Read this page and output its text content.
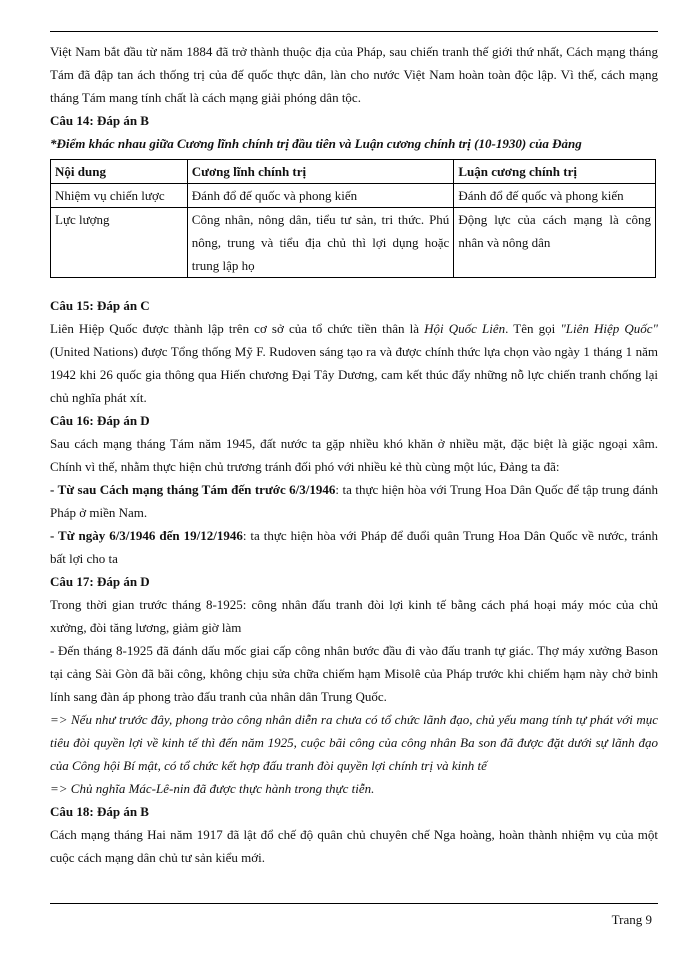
Việt Nam bắt đầu từ năm 1884 đã trở thành thuộc địa của Pháp, sau chiến tranh thế giới thứ nhất, Cách mạng tháng Tám đã đập tan ách thống trị của đế quốc thực dân, làn cho nước Việt Nam hoàn toàn độc lập. Vì thế, cách mạng tháng Tám mang tính chất là cách mạng giải phóng dân tộc.

Câu 14: Đáp án B

*Điểm khác nhau giữa Cương lĩnh chính trị đầu tiên và Luận cương chính trị (10-1930) của Đảng

Nội dung	Cương lĩnh chính trị	Luận cương chính trị
Nhiệm vụ chiến lược	Đánh đổ đế quốc và phong kiến	Đánh đổ đế quốc và phong kiến
Lực lượng	Công nhân, nông dân, tiểu tư sản, tri thức. Phú nông, trung và tiểu địa chủ thì lợi dụng hoặc trung lập họ	Động lực của cách mạng là công nhân và nông dân

Câu 15: Đáp án C

Liên Hiệp Quốc được thành lập trên cơ sở của tổ chức tiền thân là Hội Quốc Liên. Tên gọi "Liên Hiệp Quốc" (United Nations) được Tổng thống Mỹ F. Rudoven sáng tạo ra và được chính thức lựa chọn vào ngày 1 tháng 1 năm 1942 khi 26 quốc gia thông qua Hiến chương Đại Tây Dương, cam kết thúc đẩy những nỗ lực chiến tranh chống lại chủ nghĩa phát xít.

Câu 16: Đáp án D

Sau cách mạng tháng Tám năm 1945, đất nước ta gặp nhiều khó khăn ở nhiều mặt, đặc biệt là giặc ngoại xâm. Chính vì thế, nhằm thực hiện chủ trương tránh đối phó với nhiều kẻ thù cùng một lúc, Đảng ta đã:

- Từ sau Cách mạng tháng Tám đến trước 6/3/1946: ta thực hiện hòa với Trung Hoa Dân Quốc để tập trung đánh Pháp ở miền Nam.

- Từ ngày 6/3/1946 đến 19/12/1946: ta thực hiện hòa với Pháp để đuổi quân Trung Hoa Dân Quốc về nước, tránh bất lợi cho ta

Câu 17: Đáp án D

Trong thời gian trước tháng 8-1925: công nhân đấu tranh đòi lợi kinh tế bằng cách phá hoại máy móc của chủ xưởng, đòi tăng lương, giảm giờ làm

- Đến tháng 8-1925 đã đánh dấu mốc giai cấp công nhân bước đầu đi vào đấu tranh tự giác. Thợ máy xưởng Bason tại cảng Sài Gòn đã bãi công, không chịu sửa chữa chiếm hạm Misolê của Pháp trước khi chiếm hạm này chở binh lính sang đàn áp phong trào đấu tranh của nhân dân Trung Quốc.

=> Nếu như trước đây, phong trào công nhân diễn ra chưa có tổ chức lãnh đạo, chủ yếu mang tính tự phát với mục tiêu đòi quyền lợi về kinh tế thì đến năm 1925, cuộc bãi công của công nhân Ba son đã được đặt dưới sự lãnh đạo của Công hội Bí mật, có tổ chức kết hợp đấu tranh đòi quyền lợi chính trị và kinh tế

=> Chủ nghĩa Mác-Lê-nin đã được thực hành trong thực tiễn.

Câu 18: Đáp án B

Cách mạng tháng Hai năm 1917 đã lật đổ chế độ quân chủ chuyên chế Nga hoàng, hoàn thành nhiệm vụ của một cuộc cách mạng dân chủ tư sản kiểu mới.

Trang 9
